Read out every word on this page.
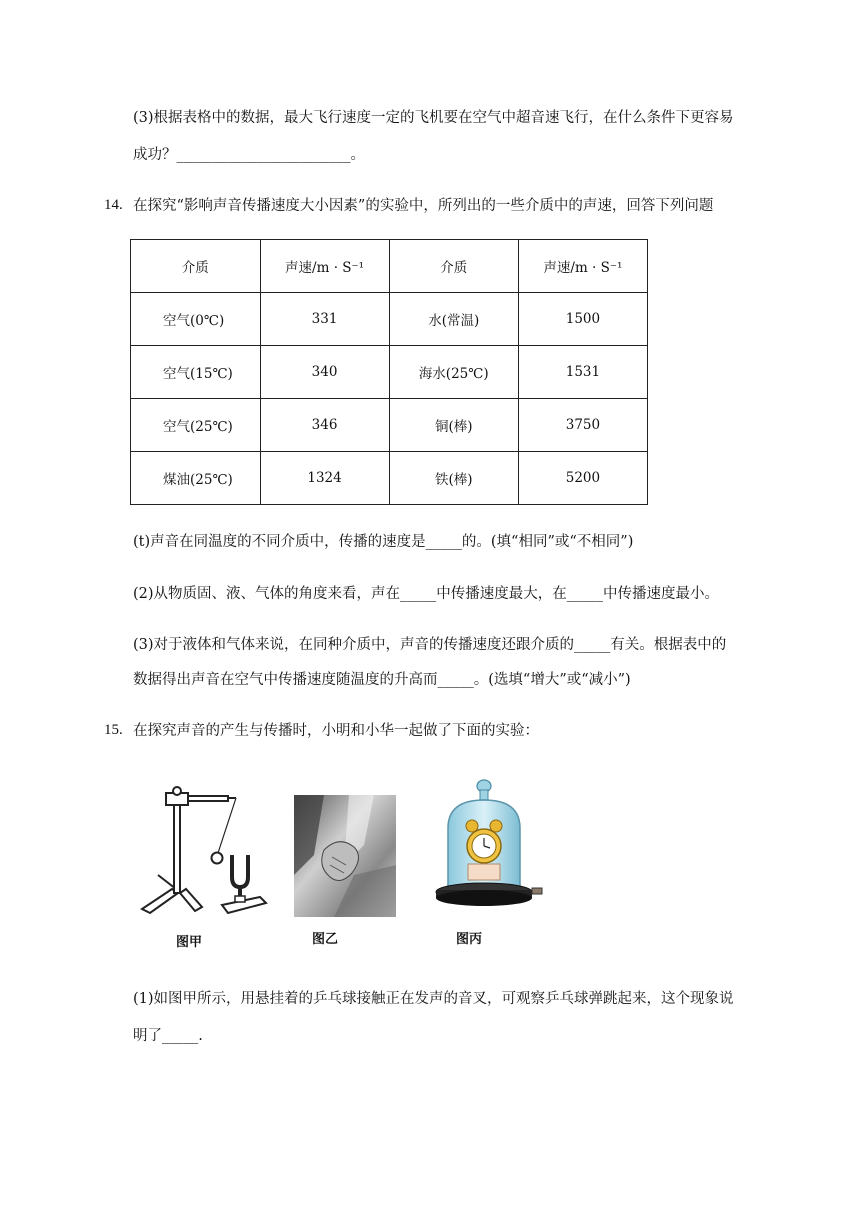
(3)根据表格中的数据，最大飞行速度一定的飞机要在空气中超音速飞行，在什么条件下更容易
成功？________________________。
14. 在探究“影响声音传播速度大小因素”的实验中，所列出的一些介质中的声速，回答下列问题
介质	声速/m · S⁻¹	介质	声速/m · S⁻¹
空气(0℃)	331	水(常温)	1500
空气(15℃)	340	海水(25℃)	1531
空气(25℃)	346	铜(棒)	3750
煤油(25℃)	1324	铁(棒)	5200
(t)声音在同温度的不同介质中，传播的速度是_____的。(填“相同”或“不相同”)
(2)从物质固、液、气体的角度来看，声在_____中传播速度最大，在_____中传播速度最小。
(3)对于液体和气体来说，在同种介质中，声音的传播速度还跟介质的_____有关。根据表中的
数据得出声音在空气中传播速度随温度的升高而_____。(选填“增大”或“减小”)
15. 在探究声音的产生与传播时，小明和小华一起做了下面的实验：
图甲	图乙	图丙
(1)如图甲所示，用悬挂着的乒乓球接触正在发声的音叉，可观察乒乓球弹跳起来，这个现象说
明了_____.
